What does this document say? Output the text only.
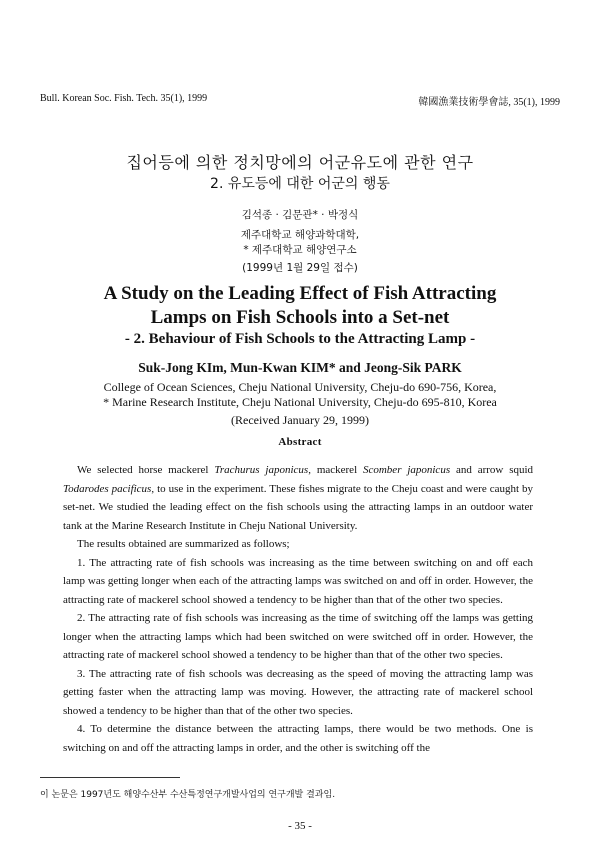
Bull. Korean Soc. Fish. Tech. 35(1), 1999	韓國漁業技術學會誌, 35(1), 1999
집어등에 의한 정치망에의 어군유도에 관한 연구
2. 유도등에 대한 어군의 행동
김석종 · 김문관* · 박정식
제주대학교 해양과학대학,
* 제주대학교 해양연구소
(1999년 1월 29일 접수)
A Study on the Leading Effect of Fish Attracting
Lamps on Fish Schools into a Set-net
- 2. Behaviour of Fish Schools to the Attracting Lamp -
Suk-Jong KIm, Mun-Kwan KIM* and Jeong-Sik PARK
College of Ocean Sciences, Cheju National University, Cheju-do 690-756, Korea,
* Marine Research Institute, Cheju National University, Cheju-do 695-810, Korea
(Received January 29, 1999)
Abstract

We selected horse mackerel Trachurus japonicus, mackerel Scomber japonicus and arrow squid Todarodes pacificus, to use in the experiment. These fishes migrate to the Cheju coast and were caught by set-net. We studied the leading effect on the fish schools using the attracting lamps in an outdoor water tank at the Marine Research Institute in Cheju National University.

The results obtained are summarized as follows;

1. The attracting rate of fish schools was increasing as the time between switching on and off each lamp was getting longer when each of the attracting lamps was switched on and off in order. However, the attracting rate of mackerel school showed a tendency to be higher than that of the other two species.

2. The attracting rate of fish schools was increasing as the time of switching off the lamps was getting longer when the attracting lamps which had been switched on were switched off in order. However, the attracting rate of mackerel school showed a tendency to be higher than that of the other two species.

3. The attracting rate of fish schools was decreasing as the speed of moving the attracting lamp was getting faster when the attracting lamp was moving. However, the attracting rate of mackerel school showed a tendency to be higher than that of the other two species.

4. To determine the distance between the attracting lamps, there would be two methods. One is switching on and off the attracting lamps in order, and the other is switching off the

이 논문은 1997년도 해양수산부 수산특정연구개발사업의 연구개발 결과임.
- 35 -
